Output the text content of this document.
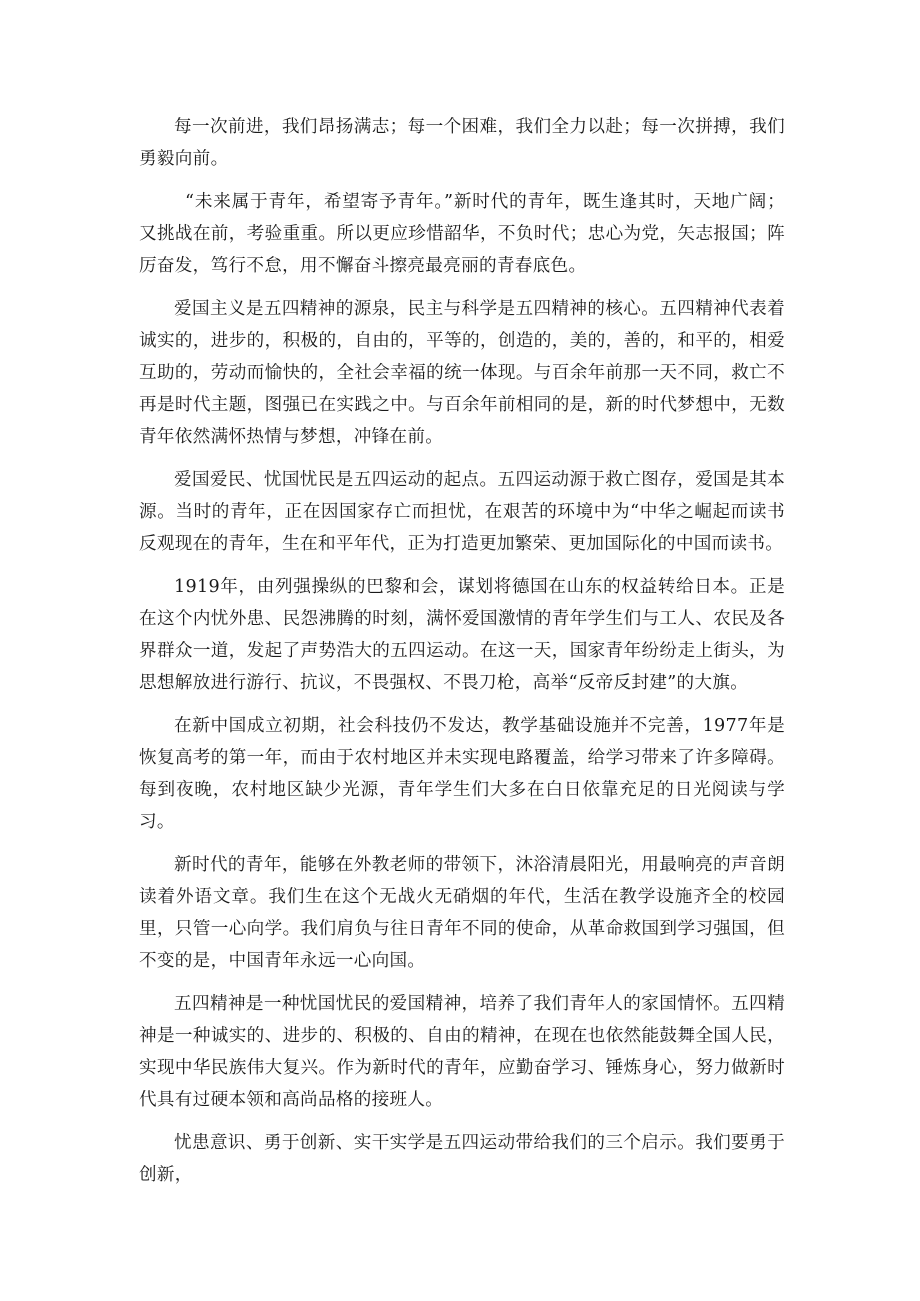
每一次前进，我们昂扬满志；每一个困难，我们全力以赴；每一次拼搏，我们勇毅向前。

“未来属于青年，希望寄予青年。”新时代的青年，既生逢其时，天地广阔；又挑战在前，考验重重。所以更应珍惜韶华，不负时代；忠心为党，矢志报国；阵厉奋发，笃行不怠，用不懈奋斗擦亮最亮丽的青春底色。

爱国主义是五四精神的源泉，民主与科学是五四精神的核心。五四精神代表着诚实的，进步的，积极的，自由的，平等的，创造的，美的，善的，和平的，相爱互助的，劳动而愉快的，全社会幸福的统一体现。与百余年前那一天不同，救亡不再是时代主题，图强已在实践之中。与百余年前相同的是，新的时代梦想中，无数青年依然满怀热情与梦想，冲锋在前。

爱国爱民、忧国忧民是五四运动的起点。五四运动源于救亡图存，爱国是其本源。当时的青年，正在因国家存亡而担忧，在艰苦的环境中为“中华之崛起而读书反观现在的青年，生在和平年代，正为打造更加繁荣、更加国际化的中国而读书。

1919年，由列强操纵的巴黎和会，谋划将德国在山东的权益转给日本。正是在这个内忧外患、民怨沸腾的时刻，满怀爱国激情的青年学生们与工人、农民及各界群众一道，发起了声势浩大的五四运动。在这一天，国家青年纷纷走上街头，为思想解放进行游行、抗议，不畏强权、不畏刀枪，高举“反帝反封建”的大旗。

在新中国成立初期，社会科技仍不发达，教学基础设施并不完善，1977年是恢复高考的第一年，而由于农村地区并未实现电路覆盖，给学习带来了许多障碍。每到夜晚，农村地区缺少光源，青年学生们大多在白日依靠充足的日光阅读与学习。

新时代的青年，能够在外教老师的带领下，沐浴清晨阳光，用最响亮的声音朗读着外语文章。我们生在这个无战火无硝烟的年代，生活在教学设施齐全的校园里，只管一心向学。我们肩负与往日青年不同的使命，从革命救国到学习强国，但不变的是，中国青年永远一心向国。

五四精神是一种忧国忧民的爱国精神，培养了我们青年人的家国情怀。五四精神是一种诚实的、进步的、积极的、自由的精神，在现在也依然能鼓舞全国人民，实现中华民族伟大复兴。作为新时代的青年，应勤奋学习、锤炼身心，努力做新时代具有过硬本领和高尚品格的接班人。

忧患意识、勇于创新、实干实学是五四运动带给我们的三个启示。我们要勇于创新，
